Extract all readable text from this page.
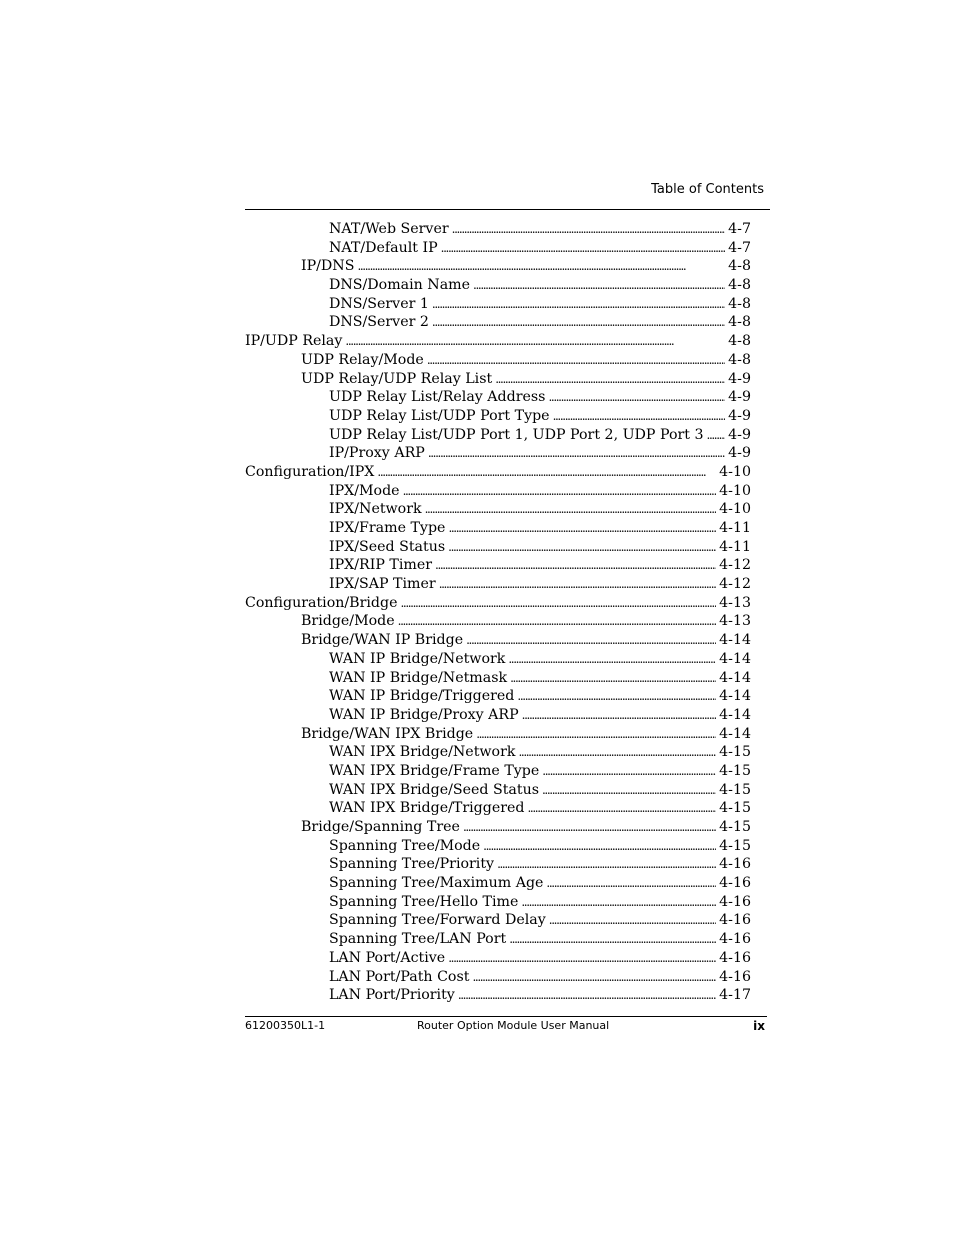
Table of Contents
NAT/Web Server . . .	4-7
NAT/Default IP . . .	4-7
IP/DNS . . .	4-8
DNS/Domain Name . . .	4-8
DNS/Server 1 . . .	4-8
DNS/Server 2 . . .	4-8
IP/UDP Relay . . .	4-8
UDP Relay/Mode . . .	4-8
UDP Relay/UDP Relay List . . .	4-9
UDP Relay List/Relay Address . . .	4-9
UDP Relay List/UDP Port Type . . .	4-9
UDP Relay List/UDP Port 1, UDP Port 2, UDP Port 3 . . . 4-9
IP/Proxy ARP . . .	4-9
Configuration/IPX . . .	4-10
IPX/Mode . . .	4-10
IPX/Network . . .	4-10
IPX/Frame Type . . .	4-11
IPX/Seed Status . . .	4-11
IPX/RIP Timer . . .	4-12
IPX/SAP Timer . . .	4-12
Configuration/Bridge . . .	4-13
Bridge/Mode . . .	4-13
Bridge/WAN IP Bridge . . .	4-14
WAN IP Bridge/Network . . .	4-14
WAN IP Bridge/Netmask . . .	4-14
WAN IP Bridge/Triggered . . .	4-14
WAN IP Bridge/Proxy ARP . . .	4-14
Bridge/WAN IPX Bridge . . .	4-14
WAN IPX Bridge/Network . . .	4-15
WAN IPX Bridge/Frame Type . . .	4-15
WAN IPX Bridge/Seed Status . . .	4-15
WAN IPX Bridge/Triggered . . .	4-15
Bridge/Spanning Tree . . .	4-15
Spanning Tree/Mode . . .	4-15
Spanning Tree/Priority . . .	4-16
Spanning Tree/Maximum Age . . .	4-16
Spanning Tree/Hello Time . . .	4-16
Spanning Tree/Forward Delay . . .	4-16
Spanning Tree/LAN Port . . .	4-16
LAN Port/Active . . .	4-16
LAN Port/Path Cost . . .	4-16
LAN Port/Priority . . .	4-17
61200350L1-1	Router Option Module User Manual	ix
